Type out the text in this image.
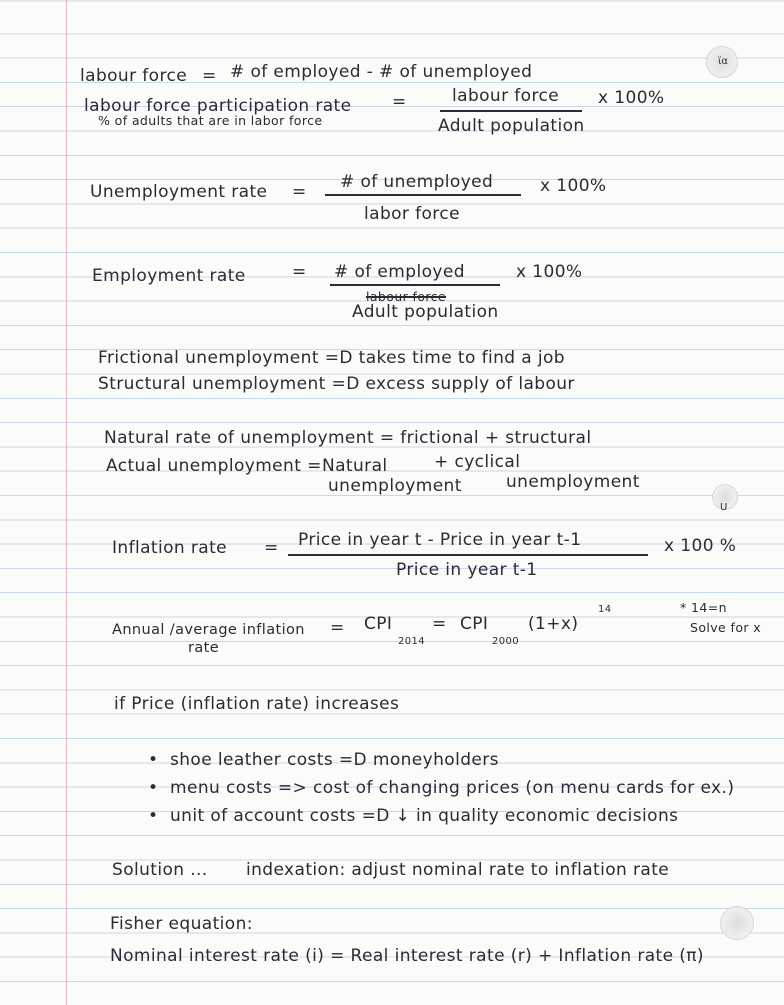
ϊα
labour force = # of employed - # of unemployed
labour force participation rate
% of adults that are in labor force
=	labour force
Adult population
x 100%
Unemployment rate = # of unemployed
labor force
x 100%
Employment rate	= # of employed
labour force
Adult population
x 100%
Frictional unemployment =D takes time to find a job
Structural unemployment =D excess supply of labour
Natural rate of unemployment = frictional + structural
Actual unemployment = Natural
unemployment
+ cyclical
unemployment
U
Inflation rate = Price in year t - Price in year t-1
Price in year t-1
x 100 %
Annual /average inflation
rate
= CPI
2014
= CPI
2000
(1+x)
14	* 14=n
Solve for x
if Price (inflation rate) increases
• shoe leather costs =D moneyholders
• menu costs => cost of changing prices (on menu cards for ex.)
• unit of account costs =D ↓ in quality economic decisions
Solution ... indexation: adjust nominal rate to inflation rate
Fisher equation:
Nominal interest rate (i) = Real interest rate (r) + Inflation rate (π)
